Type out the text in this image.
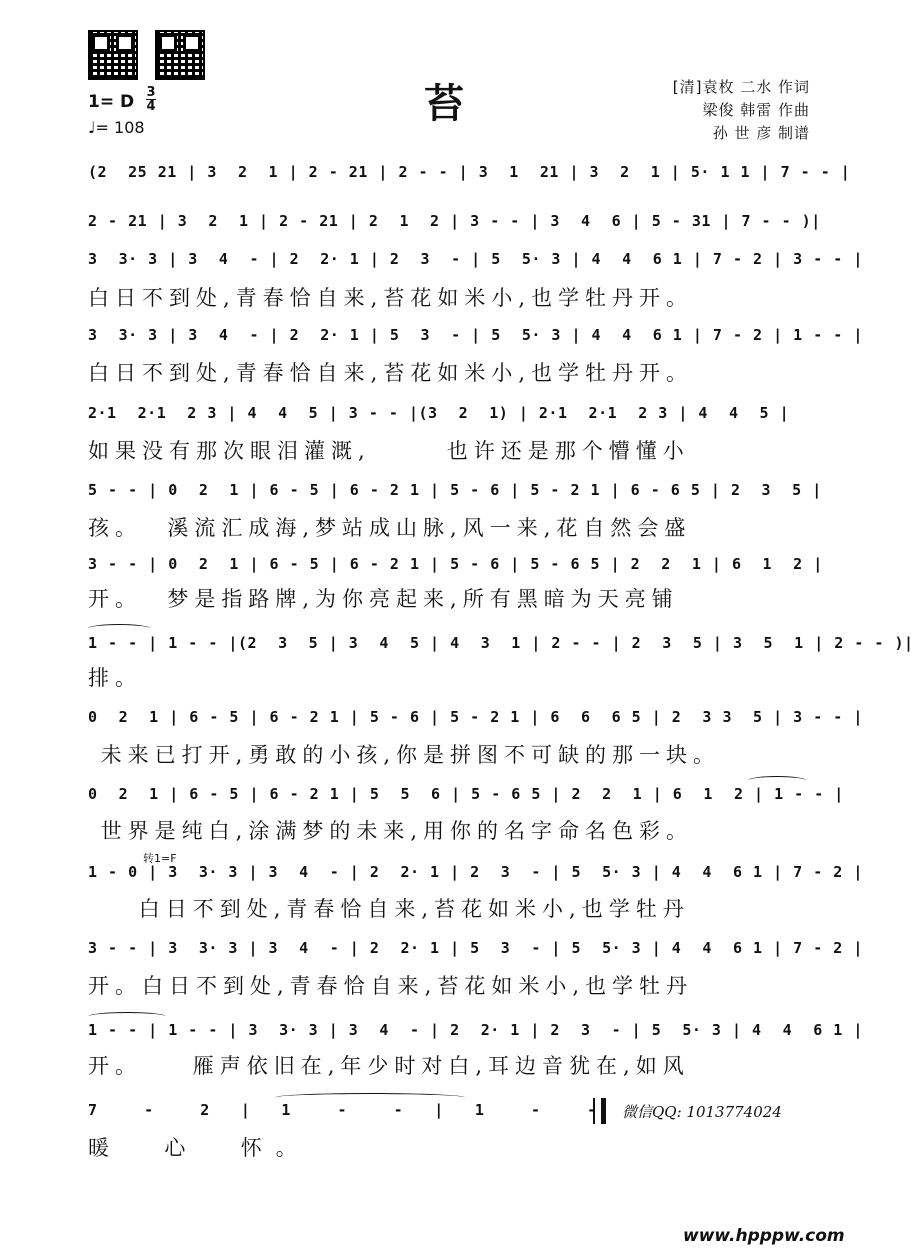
苔
1= D 3
4
♩= 108
[清]袁枚 二水 作词
梁俊 韩雷 作曲
孙 世 彦 制谱
(2  25 21 | 3  2  1 | 2 - 21 | 2 - - | 3  1  21 | 3  2  1 | 5· 1 1 | 7 - - |
2 - 21 | 3  2  1 | 2 - 21 | 2  1  2 | 3 - - | 3  4  6 | 5 - 31 | 7 - - )|
3  3· 3 | 3  4  - | 2  2· 1 | 2  3  - | 5  5· 3 | 4  4  6 1 | 7 - 2 | 3 - - |
白日不到处,青春恰自来,苔花如米小,也学牡丹开。
3  3· 3 | 3  4  - | 2  2· 1 | 5  3  - | 5  5· 3 | 4  4  6 1 | 7 - 2 | 1 - - |
白日不到处,青春恰自来,苔花如米小,也学牡丹开。
2·1  2·1  2 3 | 4  4  5 | 3 - - |(3  2  1) | 2·1  2·1  2 3 | 4  4  5 |
如果没有那次眼泪灌溉,      也许还是那个懵懂小
5 - - | 0  2  1 | 6 - 5 | 6 - 2 1 | 5 - 6 | 5 - 2 1 | 6 - 6 5 | 2  3  5 |
孩。  溪流汇成海,梦站成山脉,风一来,花自然会盛
3 - - | 0  2  1 | 6 - 5 | 6 - 2 1 | 5 - 6 | 5 - 6 5 | 2  2  1 | 6  1  2 |
开。  梦是指路牌,为你亮起来,所有黑暗为天亮铺
1 - - | 1 - - |(2  3  5 | 3  4  5 | 4  3  1 | 2 - - | 2  3  5 | 3  5  1 | 2 - - )|
排。
0  2  1 | 6 - 5 | 6 - 2 1 | 5 - 6 | 5 - 2 1 | 6  6  6 5 | 2  3 3  5 | 3 - - |
未来已打开,勇敢的小孩,你是拼图不可缺的那一块。
0  2  1 | 6 - 5 | 6 - 2 1 | 5  5  6 | 5 - 6 5 | 2  2  1 | 6  1  2 | 1 - - |
世界是纯白,涂满梦的未来,用你的名字命名色彩。
转1=F
1 - 0 | 3  3· 3 | 3  4  - | 2  2· 1 | 2  3  - | 5  5· 3 | 4  4  6 1 | 7 - 2 |
白日不到处,青春恰自来,苔花如米小,也学牡丹
3 - - | 3  3· 3 | 3  4  - | 2  2· 1 | 5  3  - | 5  5· 3 | 4  4  6 1 | 7 - 2 |
开。白日不到处,青春恰自来,苔花如米小,也学牡丹
1 - - | 1 - - | 3  3· 3 | 3  4  - | 2  2· 1 | 2  3  - | 5  5· 3 | 4  4  6 1 |
开。    雁声依旧在,年少时对白,耳边音犹在,如风
7   -   2  |  1   -   -  |  1   -   -
暖  心  怀。
微信QQ: 1013774024
www.hpppw.com
